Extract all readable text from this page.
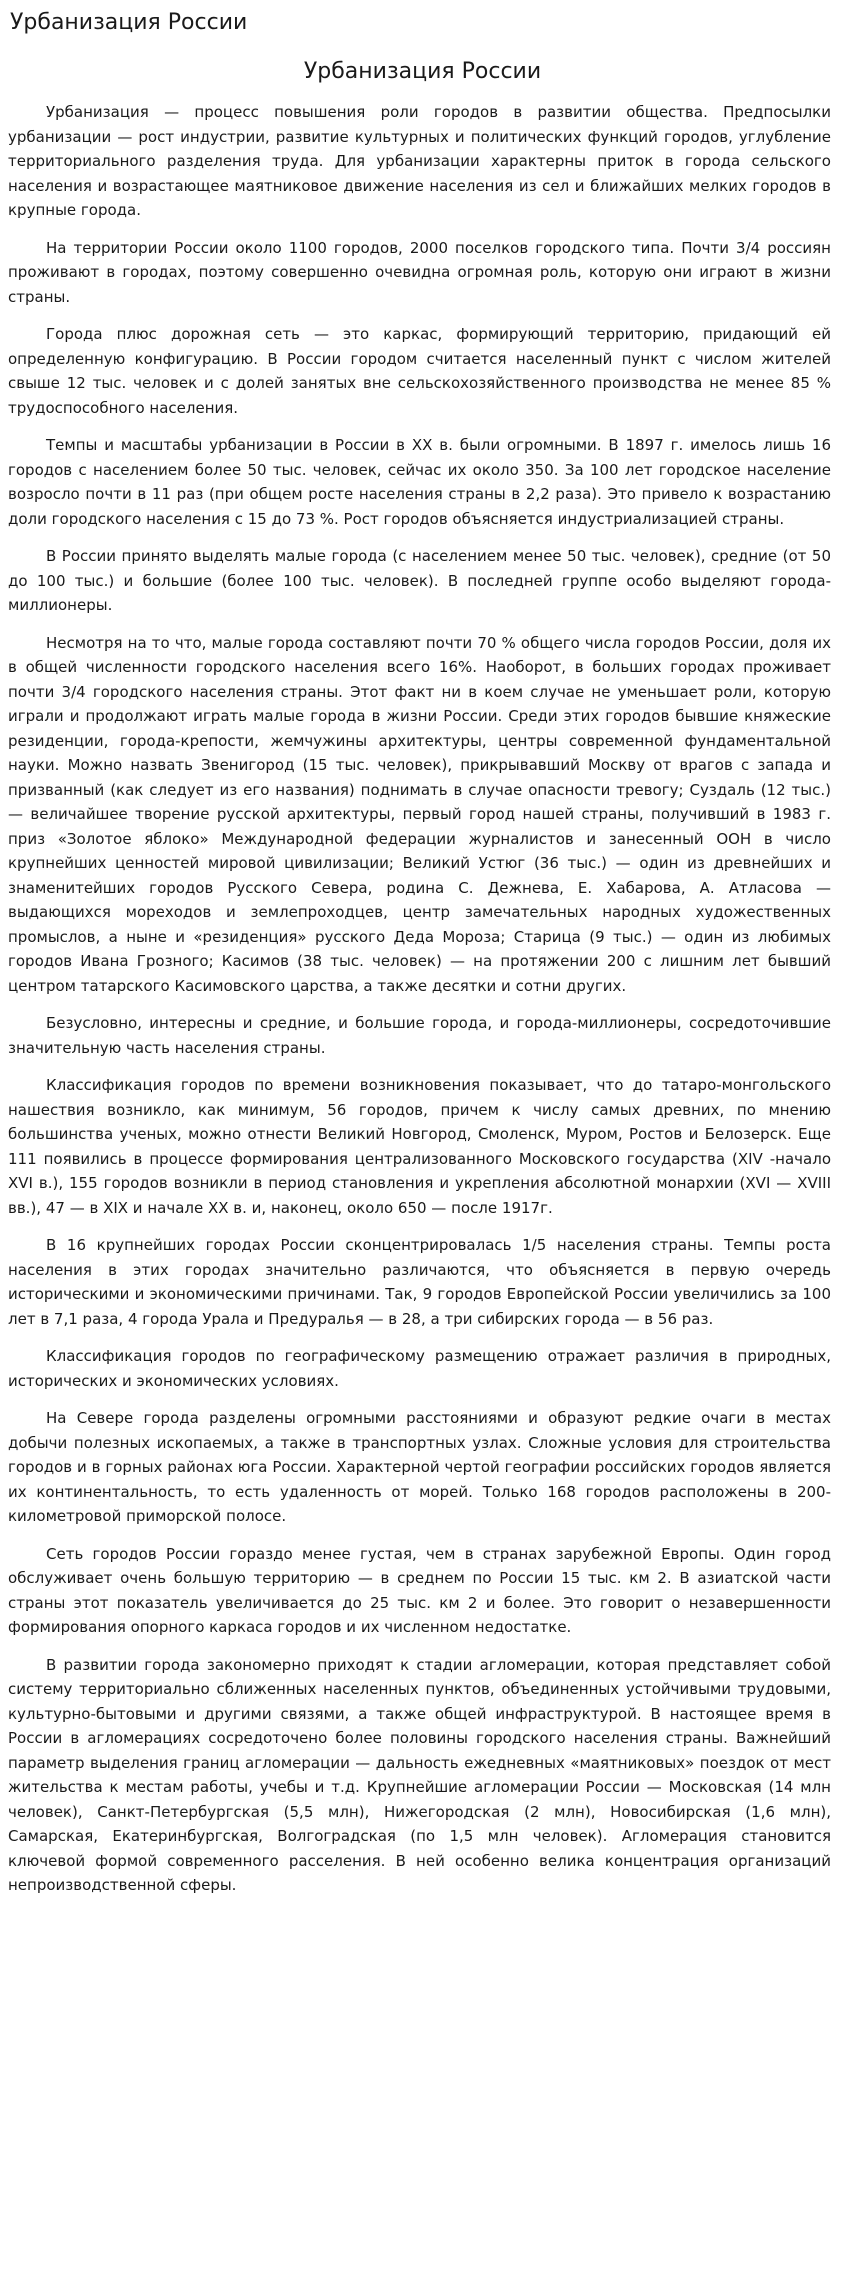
Урбанизация России
Урбанизация России

Урбанизация — процесс повышения роли городов в развитии общества. Предпосылки урбанизации — рост индустрии, развитие культурных и политических функций городов, углубление территориального разделения труда. Для урбанизации характерны приток в города сельского населения и возрастающее маятниковое движение населения из сел и ближайших мелких городов в крупные города.

На территории России около 1100 городов, 2000 поселков городского типа. Почти 3/4 россиян проживают в городах, поэтому совершенно очевидна огромная роль, которую они играют в жизни страны.

Города плюс дорожная сеть — это каркас, формирующий территорию, придающий ей определенную конфигурацию. В России городом считается населенный пункт с числом жителей свыше 12 тыс. человек и с долей занятых вне сельскохозяйственного производства не менее 85 % трудоспособного населения.

Темпы и масштабы урбанизации в России в XX в. были огромными. В 1897 г. имелось лишь 16 городов с населением более 50 тыс. человек, сейчас их около 350. За 100 лет городское население возросло почти в 11 раз (при общем росте населения страны в 2,2 раза). Это привело к возрастанию доли городского населения с 15 до 73 %. Рост городов объясняется индустриализацией страны.

В России принято выделять малые города (с населением менее 50 тыс. человек), средние (от 50 до 100 тыс.) и большие (более 100 тыс. человек). В последней группе особо выделяют города-миллионеры.

Несмотря на то что, малые города составляют почти 70 % общего числа городов России, доля их в общей численности городского населения всего 16%. Наоборот, в больших городах проживает почти 3/4 городского населения страны. Этот факт ни в коем случае не уменьшает роли, которую играли и продолжают играть малые города в жизни России. Среди этих городов бывшие княжеские резиденции, города-крепости, жемчужины архитектуры, центры современной фундаментальной науки. Можно назвать Звенигород (15 тыс. человек), прикрывавший Москву от врагов с запада и призванный (как следует из его названия) поднимать в случае опасности тревогу; Суздаль (12 тыс.) — величайшее творение русской архитектуры, первый город нашей страны, получивший в 1983 г. приз «Золотое яблоко» Международной федерации журналистов и занесенный ООН в число крупнейших ценностей мировой цивилизации; Великий Устюг (36 тыс.) — один из древнейших и знаменитейших городов Русского Севера, родина С. Дежнева, Е. Хабарова, А. Атласова — выдающихся мореходов и землепроходцев, центр замечательных народных художественных промыслов, а ныне и «резиденция» русского Деда Мороза; Старица (9 тыс.) — один из любимых городов Ивана Грозного; Касимов (38 тыс. человек) — на протяжении 200 с лишним лет бывший центром татарского Касимовского царства, а также десятки и сотни других.

Безусловно, интересны и средние, и большие города, и города-миллионеры, сосредоточившие значительную часть населения страны.

Классификация городов по времени возникновения показывает, что до татаро-монгольского нашествия возникло, как минимум, 56 городов, причем к числу самых древних, по мнению большинства ученых, можно отнести Великий Новгород, Смоленск, Муром, Ростов и Белозерск. Еще 111 появились в процессе формирования централизованного Московского государства (XIV -начало XVI в.), 155 городов возникли в период становления и укрепления абсолютной монархии (XVI — XVIII вв.), 47 — в XIX и начале XX в. и, наконец, около 650 — после 1917г.

В 16 крупнейших городах России сконцентрировалась 1/5 населения страны. Темпы роста населения в этих городах значительно различаются, что объясняется в первую очередь историческими и экономическими причинами. Так, 9 городов Европейской России увеличились за 100 лет в 7,1 раза, 4 города Урала и Предуралья — в 28, а три сибирских города — в 56 раз.

Классификация городов по географическому размещению отражает различия в природных, исторических и экономических условиях.

На Севере города разделены огромными расстояниями и образуют редкие очаги в местах добычи полезных ископаемых, а также в транспортных узлах. Сложные условия для строительства городов и в горных районах юга России. Характерной чертой географии российских городов является их континентальность, то есть удаленность от морей. Только 168 городов расположены в 200-километровой приморской полосе.

Сеть городов России гораздо менее густая, чем в странах зарубежной Европы. Один город обслуживает очень большую территорию — в среднем по России 15 тыс. км 2. В азиатской части страны этот показатель увеличивается до 25 тыс. км 2 и более. Это говорит о незавершенности формирования опорного каркаса городов и их численном недостатке.

В развитии города закономерно приходят к стадии агломерации, которая представляет собой систему территориально сближенных населенных пунктов, объединенных устойчивыми трудовыми, культурно-бытовыми и другими связями, а также общей инфраструктурой. В настоящее время в России в агломерациях сосредоточено более половины городского населения страны. Важнейший параметр выделения границ агломерации — дальность ежедневных «маятниковых» поездок от мест жительства к местам работы, учебы и т.д. Крупнейшие агломерации России — Московская (14 млн человек), Санкт-Петербургская (5,5 млн), Нижегородская (2 млн), Новосибирская (1,6 млн), Самарская, Екатеринбургская, Волгоградская (по 1,5 млн человек). Агломерация становится ключевой формой современного расселения. В ней особенно велика концентрация организаций непроизводственной сферы.
